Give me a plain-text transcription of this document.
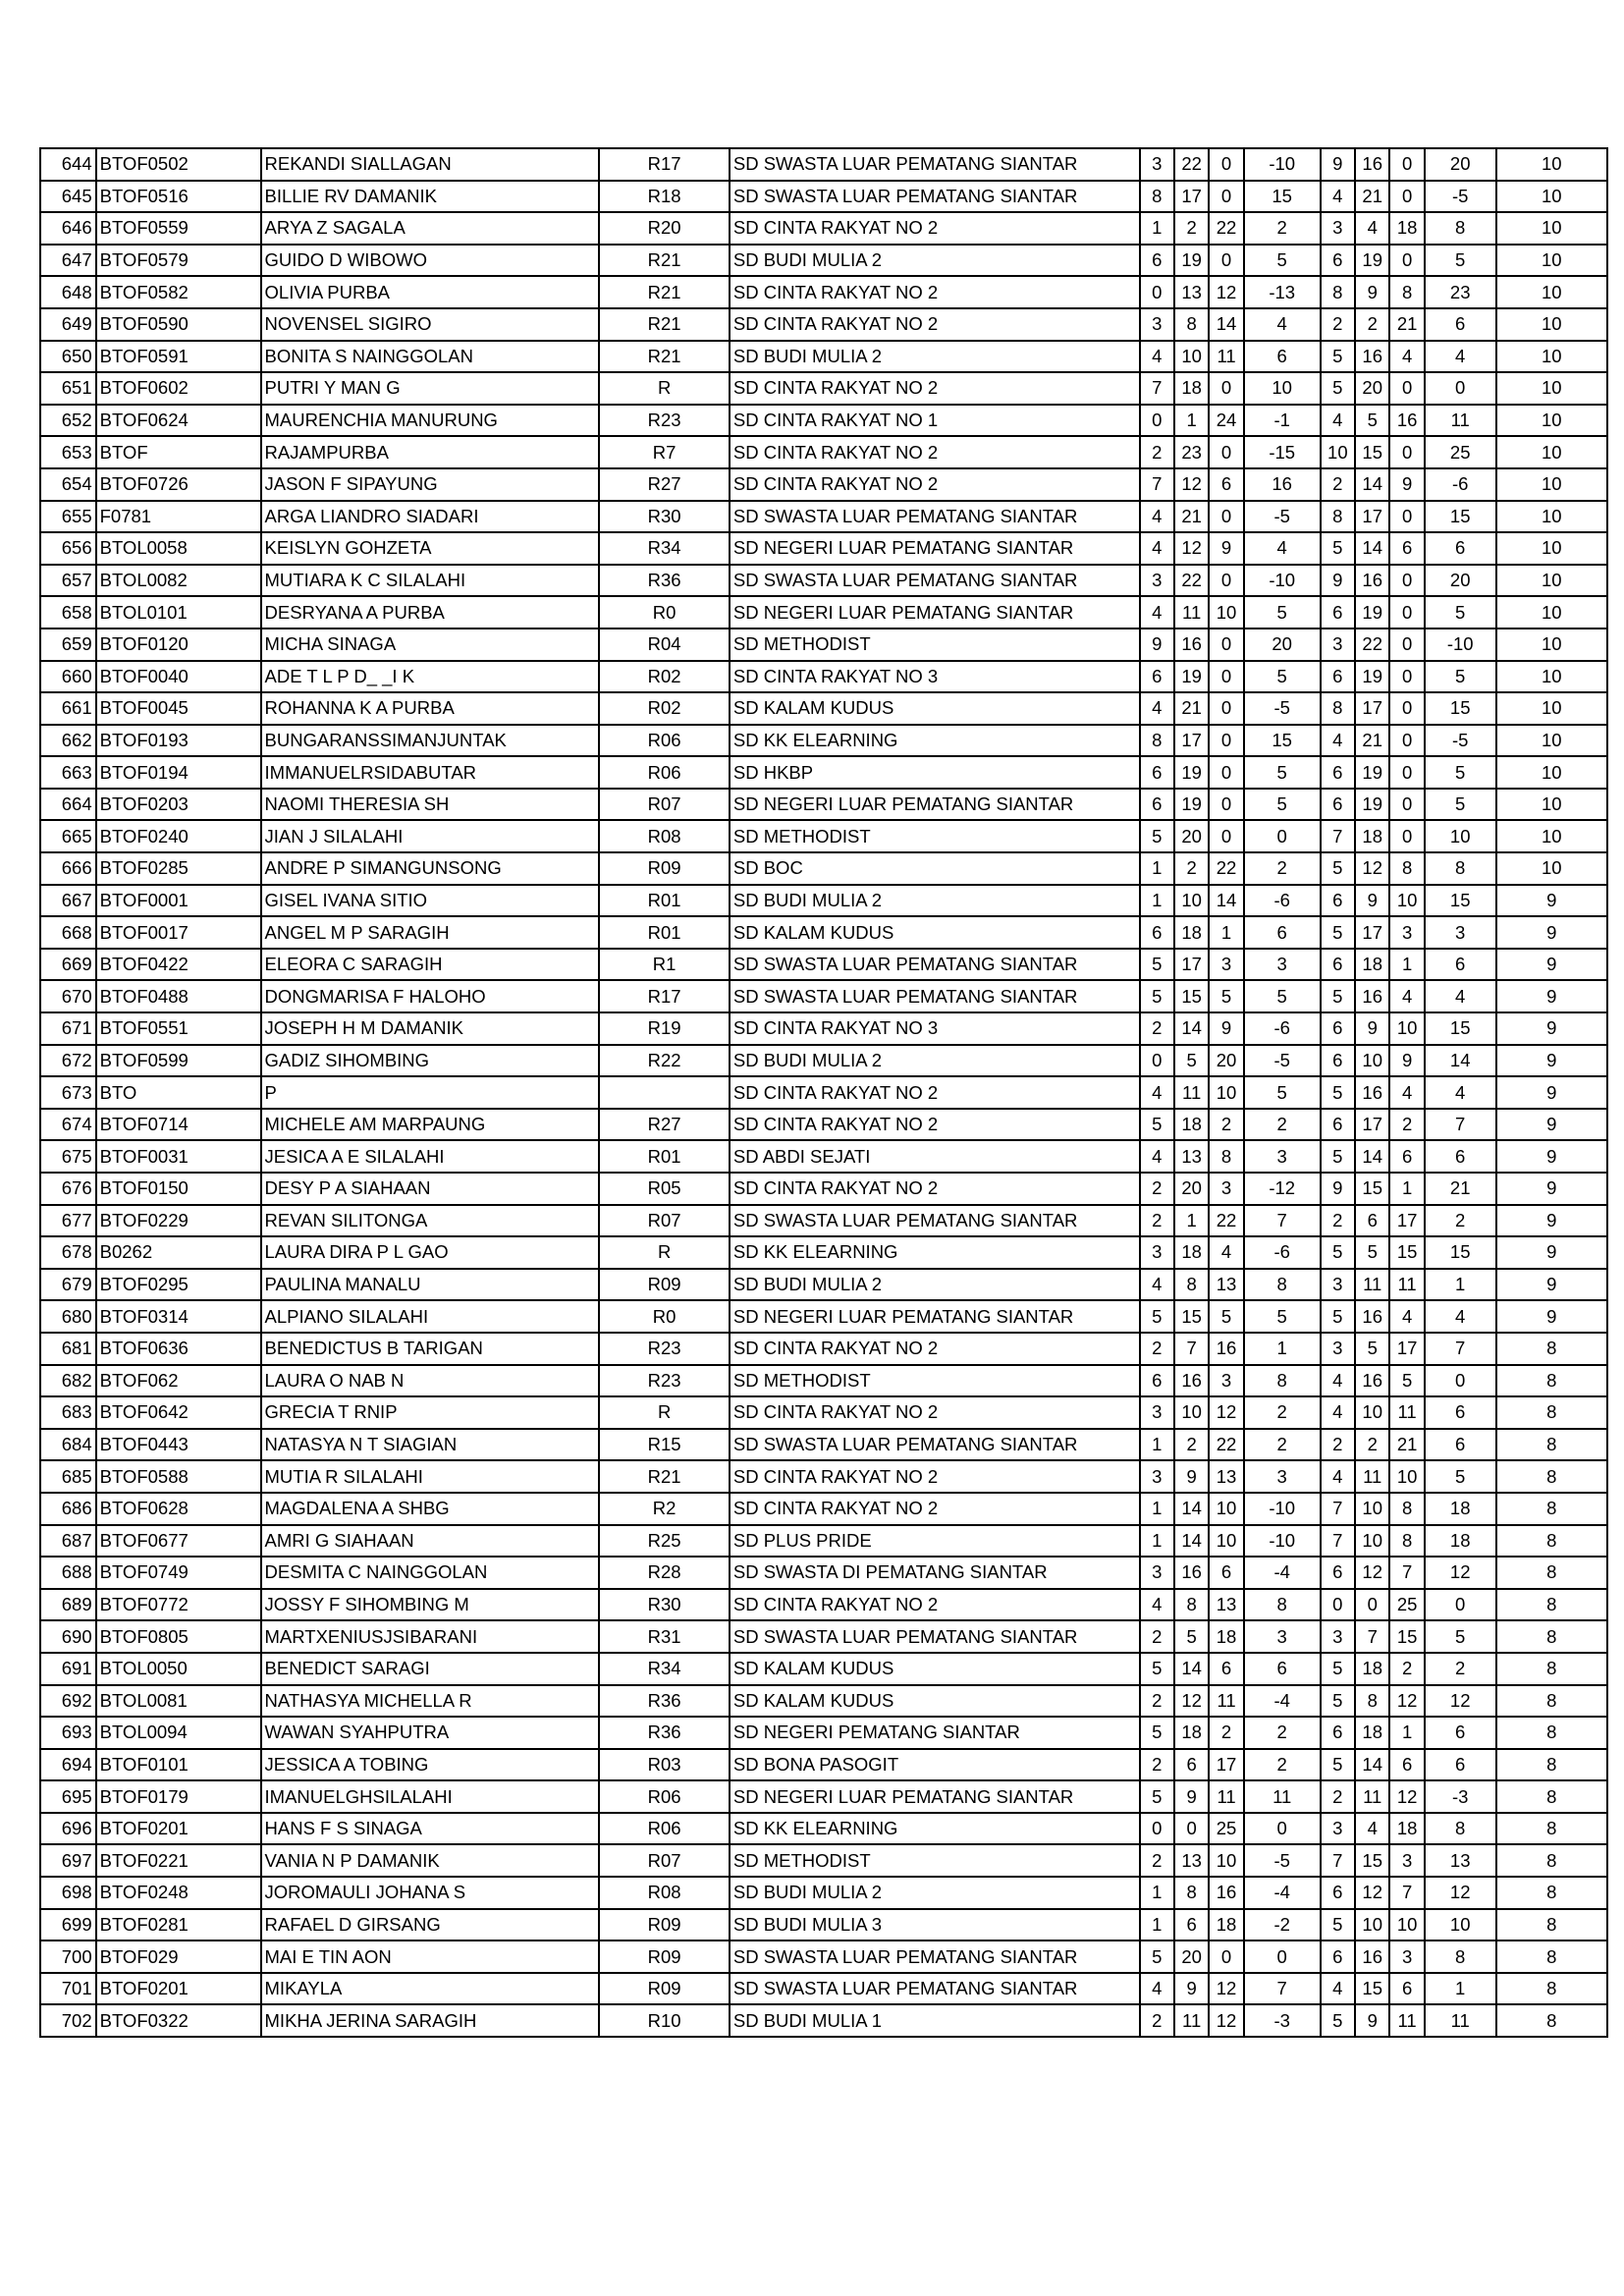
644	BTOF0502	REKANDI SIALLAGAN	R17	SD SWASTA LUAR PEMATANG SIANTAR	3	22	0	-10	9	16	0	20	10
645	BTOF0516	BILLIE RV DAMANIK	R18	SD SWASTA LUAR PEMATANG SIANTAR	8	17	0	15	4	21	0	-5	10
646	BTOF0559	ARYA Z SAGALA	R20	SD CINTA RAKYAT NO 2	1	2	22	2	3	4	18	8	10
647	BTOF0579	GUIDO D WIBOWO	R21	SD BUDI MULIA 2	6	19	0	5	6	19	0	5	10
648	BTOF0582	OLIVIA PURBA	R21	SD CINTA RAKYAT NO 2	0	13	12	-13	8	9	8	23	10
649	BTOF0590	NOVENSEL SIGIRO	R21	SD CINTA RAKYAT NO 2	3	8	14	4	2	2	21	6	10
650	BTOF0591	BONITA S NAINGGOLAN	R21	SD BUDI MULIA 2	4	10	11	6	5	16	4	4	10
651	BTOF0602	PUTRI Y MAN G	R	SD CINTA RAKYAT NO 2	7	18	0	10	5	20	0	0	10
652	BTOF0624	MAURENCHIA MANURUNG	R23	SD CINTA RAKYAT NO 1	0	1	24	-1	4	5	16	11	10
653	BTOF	RAJAMPURBA	R7	SD CINTA RAKYAT NO 2	2	23	0	-15	10	15	0	25	10
654	BTOF0726	JASON F SIPAYUNG	R27	SD CINTA RAKYAT NO 2	7	12	6	16	2	14	9	-6	10
655	F0781	ARGA LIANDRO SIADARI	R30	SD SWASTA LUAR PEMATANG SIANTAR	4	21	0	-5	8	17	0	15	10
656	BTOL0058	KEISLYN GOHZETA	R34	SD NEGERI LUAR PEMATANG SIANTAR	4	12	9	4	5	14	6	6	10
657	BTOL0082	MUTIARA K C SILALAHI	R36	SD SWASTA LUAR PEMATANG SIANTAR	3	22	0	-10	9	16	0	20	10
658	BTOL0101	DESRYANA A PURBA	R0	SD NEGERI LUAR PEMATANG SIANTAR	4	11	10	5	6	19	0	5	10
659	BTOF0120	MICHA SINAGA	R04	SD METHODIST	9	16	0	20	3	22	0	-10	10
660	BTOF0040	ADE T L P D_ _I K	R02	SD CINTA RAKYAT NO 3	6	19	0	5	6	19	0	5	10
661	BTOF0045	ROHANNA K A PURBA	R02	SD KALAM KUDUS	4	21	0	-5	8	17	0	15	10
662	BTOF0193	BUNGARANSSIMANJUNTAK	R06	SD KK ELEARNING	8	17	0	15	4	21	0	-5	10
663	BTOF0194	IMMANUELRSIDABUTAR	R06	SD HKBP	6	19	0	5	6	19	0	5	10
664	BTOF0203	NAOMI THERESIA SH	R07	SD NEGERI LUAR PEMATANG SIANTAR	6	19	0	5	6	19	0	5	10
665	BTOF0240	JIAN J SILALAHI	R08	SD METHODIST	5	20	0	0	7	18	0	10	10
666	BTOF0285	ANDRE P SIMANGUNSONG	R09	SD BOC	1	2	22	2	5	12	8	8	10
667	BTOF0001	GISEL IVANA SITIO	R01	SD BUDI MULIA 2	1	10	14	-6	6	9	10	15	9
668	BTOF0017	ANGEL M P SARAGIH	R01	SD KALAM KUDUS	6	18	1	6	5	17	3	3	9
669	BTOF0422	ELEORA C SARAGIH	R1	SD SWASTA LUAR PEMATANG SIANTAR	5	17	3	3	6	18	1	6	9
670	BTOF0488	DONGMARISA F HALOHO	R17	SD SWASTA LUAR PEMATANG SIANTAR	5	15	5	5	5	16	4	4	9
671	BTOF0551	JOSEPH H M DAMANIK	R19	SD CINTA RAKYAT NO 3	2	14	9	-6	6	9	10	15	9
672	BTOF0599	GADIZ SIHOMBING	R22	SD BUDI MULIA 2	0	5	20	-5	6	10	9	14	9
673	BTO	P		SD CINTA RAKYAT NO 2	4	11	10	5	5	16	4	4	9
674	BTOF0714	MICHELE AM MARPAUNG	R27	SD CINTA RAKYAT NO 2	5	18	2	2	6	17	2	7	9
675	BTOF0031	JESICA A E SILALAHI	R01	SD ABDI SEJATI	4	13	8	3	5	14	6	6	9
676	BTOF0150	DESY P A SIAHAAN	R05	SD CINTA RAKYAT NO 2	2	20	3	-12	9	15	1	21	9
677	BTOF0229	REVAN SILITONGA	R07	SD SWASTA LUAR PEMATANG SIANTAR	2	1	22	7	2	6	17	2	9
678	B0262	LAURA DIRA P L GAO	R	SD KK ELEARNING	3	18	4	-6	5	5	15	15	9
679	BTOF0295	PAULINA MANALU	R09	SD BUDI MULIA 2	4	8	13	8	3	11	11	1	9
680	BTOF0314	ALPIANO SILALAHI	R0	SD NEGERI LUAR PEMATANG SIANTAR	5	15	5	5	5	16	4	4	9
681	BTOF0636	BENEDICTUS B TARIGAN	R23	SD CINTA RAKYAT NO 2	2	7	16	1	3	5	17	7	8
682	BTOF062	LAURA O NAB N	R23	SD METHODIST	6	16	3	8	4	16	5	0	8
683	BTOF0642	GRECIA T RNIP	R	SD CINTA RAKYAT NO 2	3	10	12	2	4	10	11	6	8
684	BTOF0443	NATASYA N T SIAGIAN	R15	SD SWASTA LUAR PEMATANG SIANTAR	1	2	22	2	2	2	21	6	8
685	BTOF0588	MUTIA R SILALAHI	R21	SD CINTA RAKYAT NO 2	3	9	13	3	4	11	10	5	8
686	BTOF0628	MAGDALENA A SHBG	R2	SD CINTA RAKYAT NO 2	1	14	10	-10	7	10	8	18	8
687	BTOF0677	AMRI G SIAHAAN	R25	SD PLUS PRIDE	1	14	10	-10	7	10	8	18	8
688	BTOF0749	DESMITA C NAINGGOLAN	R28	SD SWASTA DI PEMATANG SIANTAR	3	16	6	-4	6	12	7	12	8
689	BTOF0772	JOSSY F SIHOMBING M	R30	SD CINTA RAKYAT NO 2	4	8	13	8	0	0	25	0	8
690	BTOF0805	MARTXENIUSJSIBARANI	R31	SD SWASTA LUAR PEMATANG SIANTAR	2	5	18	3	3	7	15	5	8
691	BTOL0050	BENEDICT SARAGI	R34	SD KALAM KUDUS	5	14	6	6	5	18	2	2	8
692	BTOL0081	NATHASYA MICHELLA R	R36	SD KALAM KUDUS	2	12	11	-4	5	8	12	12	8
693	BTOL0094	WAWAN SYAHPUTRA	R36	SD NEGERI PEMATANG SIANTAR	5	18	2	2	6	18	1	6	8
694	BTOF0101	JESSICA A TOBING	R03	SD BONA PASOGIT	2	6	17	2	5	14	6	6	8
695	BTOF0179	IMANUELGHSILALAHI	R06	SD NEGERI LUAR PEMATANG SIANTAR	5	9	11	11	2	11	12	-3	8
696	BTOF0201	HANS F S SINAGA	R06	SD KK ELEARNING	0	0	25	0	3	4	18	8	8
697	BTOF0221	VANIA N P DAMANIK	R07	SD METHODIST	2	13	10	-5	7	15	3	13	8
698	BTOF0248	JOROMAULI JOHANA S	R08	SD BUDI MULIA 2	1	8	16	-4	6	12	7	12	8
699	BTOF0281	RAFAEL D GIRSANG	R09	SD BUDI MULIA 3	1	6	18	-2	5	10	10	10	8
700	BTOF029	MAI E TIN AON	R09	SD SWASTA LUAR PEMATANG SIANTAR	5	20	0	0	6	16	3	8	8
701	BTOF0201	MIKAYLA	R09	SD SWASTA LUAR PEMATANG SIANTAR	4	9	12	7	4	15	6	1	8
702	BTOF0322	MIKHA JERINA SARAGIH	R10	SD BUDI MULIA 1	2	11	12	-3	5	9	11	11	8
